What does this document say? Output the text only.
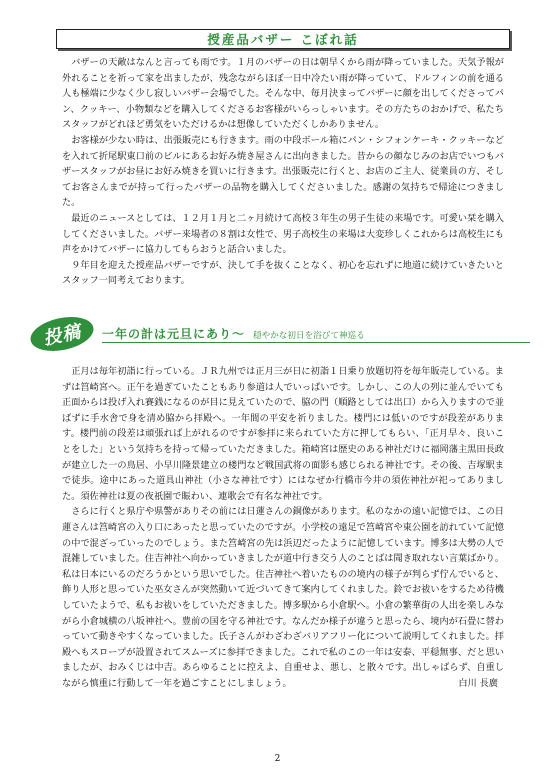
授産品バザー こぼれ話

バザーの天敵はなんと言っても雨です。１月のバザーの日は朝早くから雨が降っていました。天気予報が外れることを祈って家を出ましたが、残念ながらほぼ一日中冷たい雨が降っていて、ドルフィンの前を通る人も極端に少なく少し寂しいバザー会場でした。そんな中、毎月決まってバザーに顔を出してくださってパン、クッキー、小物類などを購入してくださるお客様がいらっしゃいます。その方たちのおかげで、私たちスタッフがどれほど勇気をいただけるかは想像していただくしかありません。

お客様が少ない時は、出張販売にも行きます。雨の中段ボール箱にパン・シフォンケーキ・クッキーなどを入れて折尾駅東口前のビルにあるお好み焼き屋さんに出向きました。昔からの顔なじみのお店でいつもバザースタッフがお昼にお好み焼きを買いに行きます。出張販売に行くと、お店のご主人、従業員の方、そしてお客さんまでが持って行ったバザーの品物を購入してくださいました。感謝の気持ちで帰途につきました。

最近のニュースとしては、１２月１月と二ヶ月続けて高校３年生の男子生徒の来場です。可愛い栞を購入してくださいました。バザー来場者の８割は女性で、男子高校生の来場は大変珍しくこれからは高校生にも声をかけてバザーに協力してもらおうと話合いました。

９年目を迎えた授産品バザーですが、決して手を抜くことなく、初心を忘れずに地道に続けていきたいとスタッフ一同考えております。

投稿 一年の計は元旦にあり～ 穏やかな初日を浴びて神巡る

正月は毎年初詣に行っている。ＪＲ九州では正月三が日に初詣１日乗り放題切符を毎年販売している。まずは筥崎宮へ。正午を過ぎていたこともあり参道は人でいっぱいです。しかし、この人の列に並んでいても正面からは投げ入れ賽銭になるのが目に見えていたので、脇の門（順路としては出口）から入りますので並ばずに手水舎で身を清め脇から拝殿へ。一年間の平安を祈りました。楼門には低いのですが段差があります。楼門前の段差は頑張れば上がれるのですが参拝に来られていた方に押してもらい、「正月早々、良いことをした」という気持ちを持って帰っていただきました。箱崎宮は歴史のある神社だけに福岡藩主黒田長政が建立した一の鳥居、小早川隆景建立の楼門など戦国武将の面影も感じられる神社です。その後、吉塚駅まで徒歩。途中にあった道具山神社（小さな神社です）にはなぜか行橋市今井の須佐神社が祀ってありました。須佐神社は夏の夜祇園で賑わい、連歌会で有名な神社です。

さらに行くと県庁や県警がありその前には日蓮さんの銅像があります。私のなかの遠い記憶では、この日蓮さんは筥崎宮の入り口にあったと思っていたのですが。小学校の遠足で筥崎宮や東公園を訪れていて記憶の中で混ざっていったのでしょう。また筥崎宮の先は浜辺だったように記憶しています。博多は大勢の人で混雑していました。住吉神社へ向かっていきましたが道中行き交う人のことばは聞き取れない言葉ばかり。私は日本にいるのだろうかという思いでした。住吉神社へ着いたものの境内の様子が判らず佇んでいると、飾り人形と思っていた巫女さんが突然動いて近づいてきて案内してくれました。鈴でお祓いをするため待機していたようで、私もお祓いをしていただきました。博多駅から小倉駅へ。小倉の繁華街の人出を楽しみながら小倉城横の八坂神社へ。豊前の国を守る神社です。なんだか様子が違うと思ったら、境内が石畳に替わっていて動きやすくなっていました。氏子さんがわざわざバリアフリー化について説明してくれました。拝殿へもスロープが設置されてスムーズに参拝できました。これで私のこの一年は安泰、平穏無事、だと思いましたが、おみくじは中吉。あらゆることに控えよ、自重せよ、悪し、と散々です。出しゃばらず、自重しながら慎重に行動して一年を過ごすことにしましょう。	白川 長廣
2
